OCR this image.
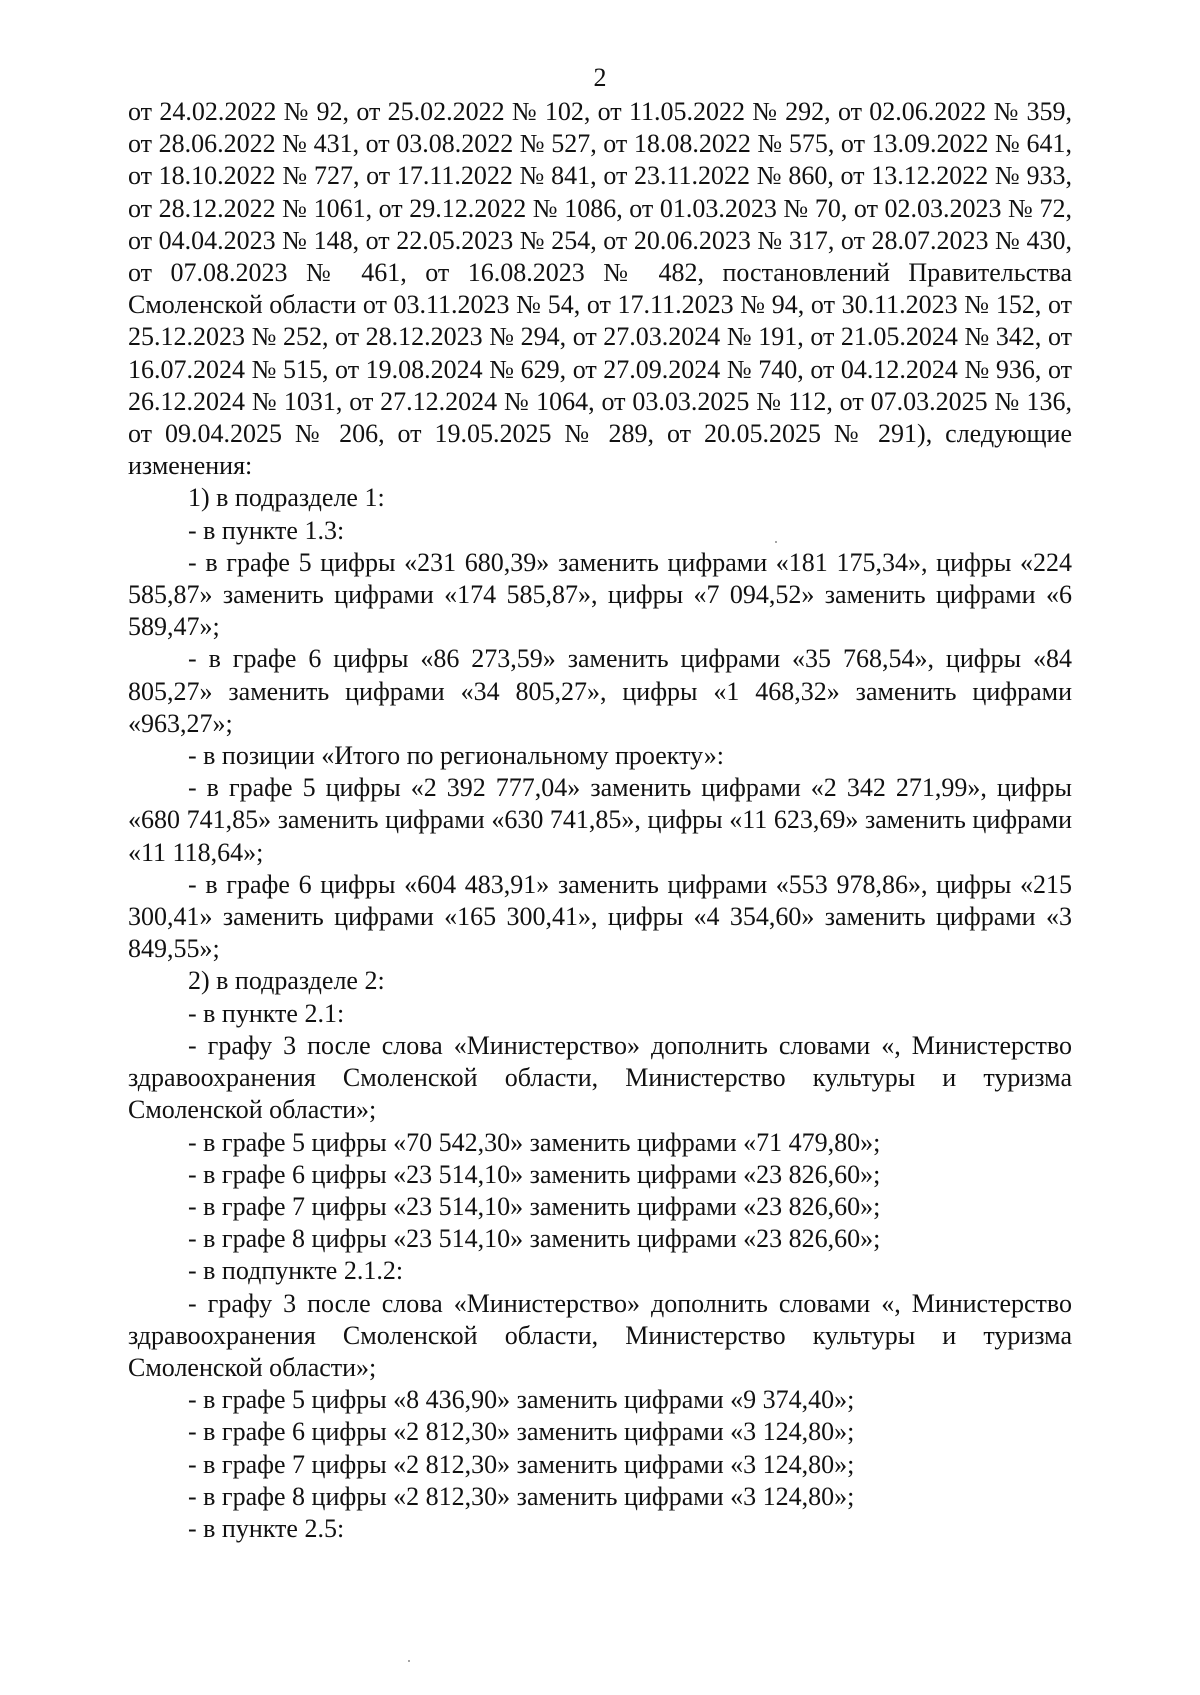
2

от 24.02.2022 № 92, от 25.02.2022 № 102, от 11.05.2022 № 292, от 02.06.2022 № 359, от 28.06.2022 № 431, от 03.08.2022 № 527, от 18.08.2022 № 575, от 13.09.2022 № 641, от 18.10.2022 № 727, от 17.11.2022 № 841, от 23.11.2022 № 860, от 13.12.2022 № 933, от 28.12.2022 № 1061, от 29.12.2022 № 1086, от 01.03.2023 № 70, от 02.03.2023 № 72, от 04.04.2023 № 148, от 22.05.2023 № 254, от 20.06.2023 № 317, от 28.07.2023 № 430, от 07.08.2023 № 461, от 16.08.2023 № 482, постановлений Правительства Смоленской области от 03.11.2023 № 54, от 17.11.2023 № 94, от 30.11.2023 № 152, от 25.12.2023 № 252, от 28.12.2023 № 294, от 27.03.2024 № 191, от 21.05.2024 № 342, от 16.07.2024 № 515, от 19.08.2024 № 629, от 27.09.2024 № 740, от 04.12.2024 № 936, от 26.12.2024 № 1031, от 27.12.2024 № 1064, от 03.03.2025 № 112, от 07.03.2025 № 136, от 09.04.2025 № 206, от 19.05.2025 № 289, от 20.05.2025 № 291), следующие изменения:

1) в подразделе 1:

- в пункте 1.3:

- в графе 5 цифры «231 680,39» заменить цифрами «181 175,34», цифры «224 585,87» заменить цифрами «174 585,87», цифры «7 094,52» заменить цифрами «6 589,47»;

- в графе 6 цифры «86 273,59» заменить цифрами «35 768,54», цифры «84 805,27» заменить цифрами «34 805,27», цифры «1 468,32» заменить цифрами «963,27»;

- в позиции «Итого по региональному проекту»:

- в графе 5 цифры «2 392 777,04» заменить цифрами «2 342 271,99», цифры «680 741,85» заменить цифрами «630 741,85», цифры «11 623,69» заменить цифрами «11 118,64»;

- в графе 6 цифры «604 483,91» заменить цифрами «553 978,86», цифры «215 300,41» заменить цифрами «165 300,41», цифры «4 354,60» заменить цифрами «3 849,55»;

2) в подразделе 2:

- в пункте 2.1:

- графу 3 после слова «Министерство» дополнить словами «, Министерство здравоохранения Смоленской области, Министерство культуры и туризма Смоленской области»;

- в графе 5 цифры «70 542,30» заменить цифрами «71 479,80»;

- в графе 6 цифры «23 514,10» заменить цифрами «23 826,60»;

- в графе 7 цифры «23 514,10» заменить цифрами «23 826,60»;

- в графе 8 цифры «23 514,10» заменить цифрами «23 826,60»;

- в подпункте 2.1.2:

- графу 3 после слова «Министерство» дополнить словами «, Министерство здравоохранения Смоленской области, Министерство культуры и туризма Смоленской области»;

- в графе 5 цифры «8 436,90» заменить цифрами «9 374,40»;

- в графе 6 цифры «2 812,30» заменить цифрами «3 124,80»;

- в графе 7 цифры «2 812,30» заменить цифрами «3 124,80»;

- в графе 8 цифры «2 812,30» заменить цифрами «3 124,80»;

- в пункте 2.5:
